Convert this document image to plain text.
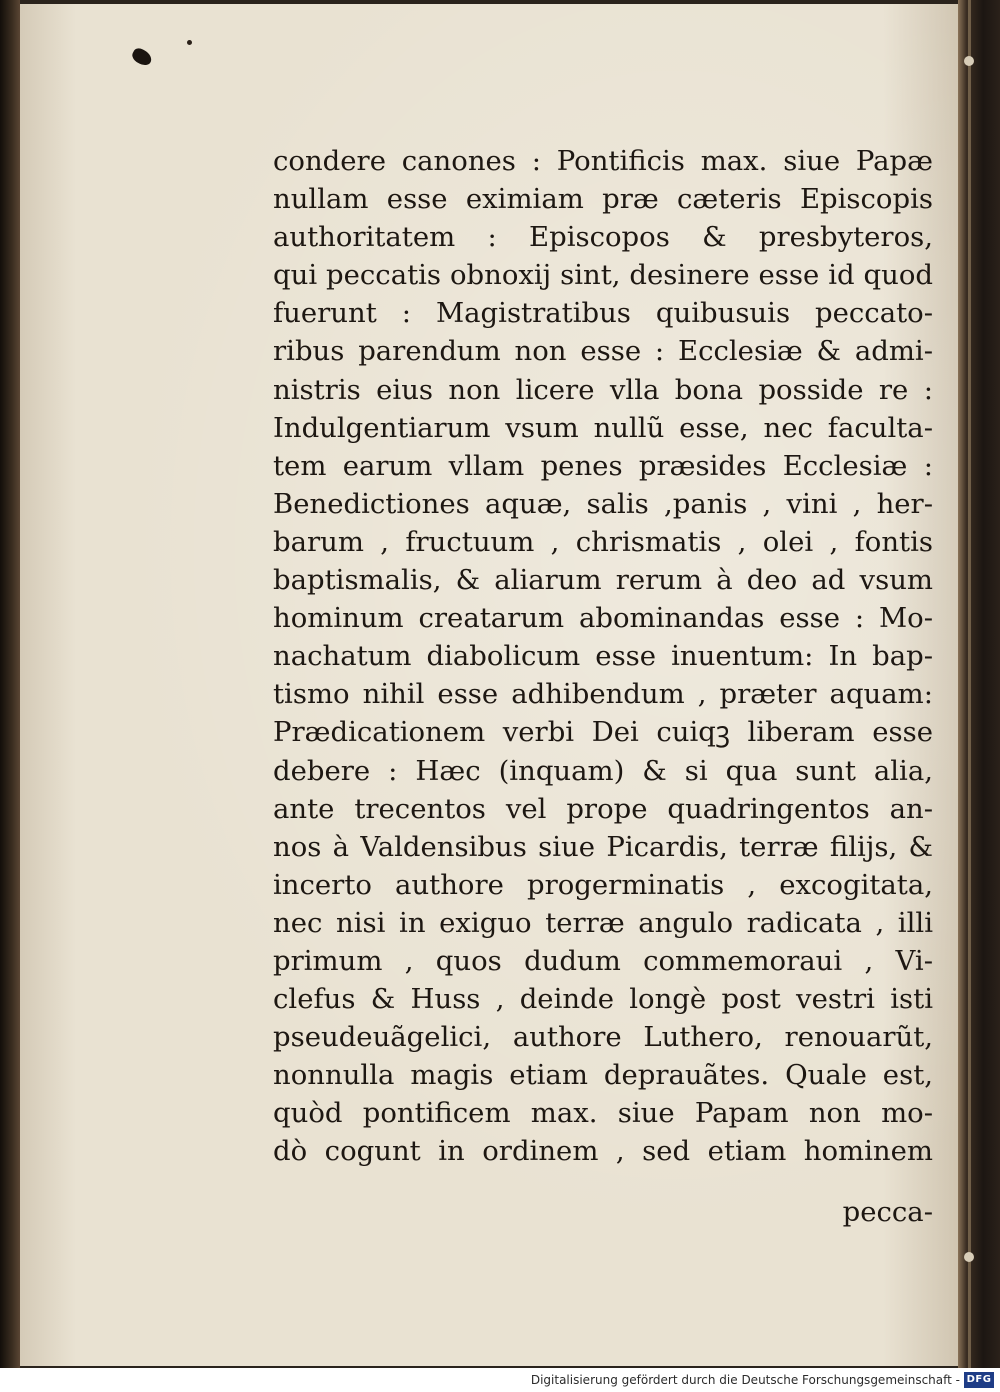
condere canones : Pontificis max. siue Papæ
nullam esse eximiam præ cæteris Episcopis
authoritatem : Episcopos & presbyteros,
qui peccatis obnoxij sint, desinere esse id quod
fuerunt : Magistratibus quibusuis peccato-
ribus parendum non esse : Ecclesiæ & admi-
nistris eius non licere vlla bona posside re :
Indulgentiarum vsum nullũ esse, nec faculta-
tem earum vllam penes præsides Ecclesiæ :
Benedictiones aquæ, salis ,panis , vini , her-
barum , fructuum , chrismatis , olei , fontis
baptismalis, & aliarum rerum à deo ad vsum
hominum creatarum abominandas esse : Mo-
nachatum diabolicum esse inuentum: In bap-
tismo nihil esse adhibendum , præter aquam:
Prædicationem verbi Dei cuiqꝫ liberam esse
debere : Hæc (inquam) & si qua sunt alia,
ante trecentos vel prope quadringentos an-
nos à Valdensibus siue Picardis, terræ filijs, &
incerto authore progerminatis , excogitata,
nec nisi in exiguo terræ angulo radicata , illi
primum , quos dudum commemoraui , Vi-
clefus & Huss , deinde longè post vestri isti
pseudeuãgelici, authore Luthero, renouarũt,
nonnulla magis etiam deprauãtes. Quale est,
quòd pontificem max. siue Papam non mo-
dò cogunt in ordinem , sed etiam hominem
pecca-
Digitalisierung gefördert durch die Deutsche Forschungsgemeinschaft - DFG
